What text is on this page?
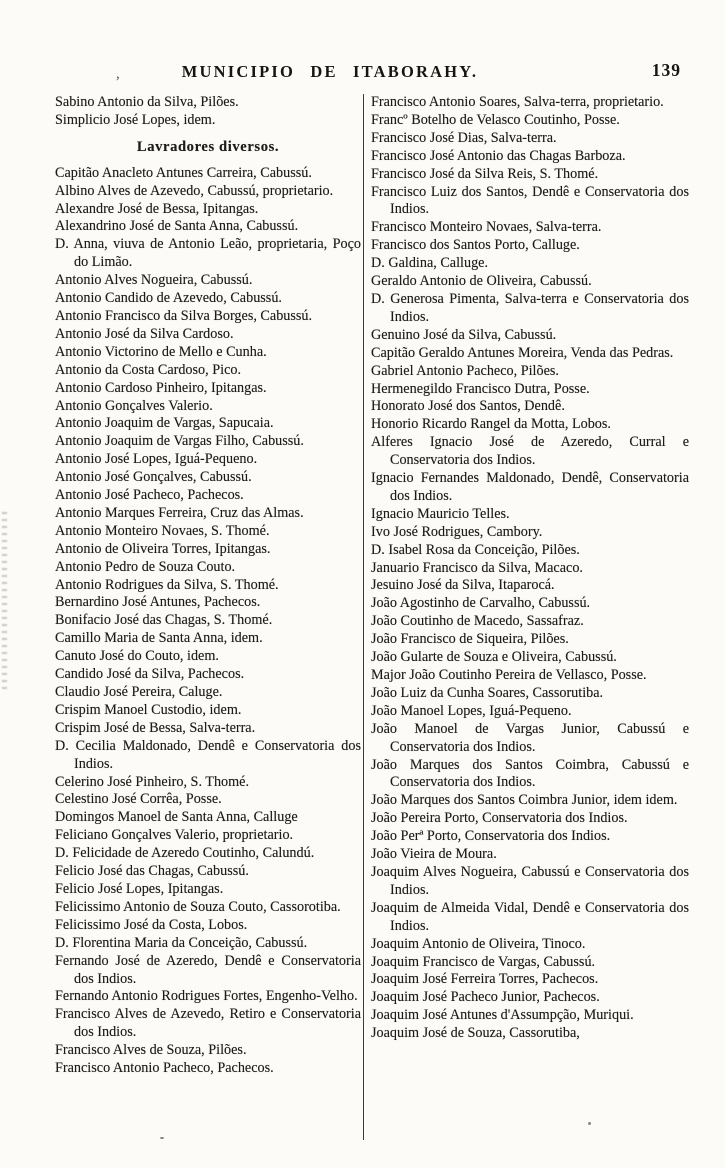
,	MUNICIPIO DE ITABORAHY.	139

Sabino Antonio da Silva, Pilões.

Simplicio José Lopes, idem.

Lavradores diversos.

Capitão Anacleto Antunes Carreira, Cabussú.

Albino Alves de Azevedo, Cabussú, proprietario.

Alexandre José de Bessa, Ipitangas.

Alexandrino José de Santa Anna, Cabussú.

D. Anna, viuva de Antonio Leão, proprietaria, Poço do Limão.

Antonio Alves Nogueira, Cabussú.

Antonio Candido de Azevedo, Cabussú.

Antonio Francisco da Silva Borges, Cabussú.

Antonio José da Silva Cardoso.

Antonio Victorino de Mello e Cunha.

Antonio da Costa Cardoso, Pico.

Antonio Cardoso Pinheiro, Ipitangas.

Antonio Gonçalves Valerio.

Antonio Joaquim de Vargas, Sapucaia.

Antonio Joaquim de Vargas Filho, Cabussú.

Antonio José Lopes, Iguá-Pequeno.

Antonio José Gonçalves, Cabussú.

Antonio José Pacheco, Pachecos.

Antonio Marques Ferreira, Cruz das Almas.

Antonio Monteiro Novaes, S. Thomé.

Antonio de Oliveira Torres, Ipitangas.

Antonio Pedro de Souza Couto.

Antonio Rodrigues da Silva, S. Thomé.

Bernardino José Antunes, Pachecos.

Bonifacio José das Chagas, S. Thomé.

Camillo Maria de Santa Anna, idem.

Canuto José do Couto, idem.

Candido José da Silva, Pachecos.

Claudio José Pereira, Caluge.

Crispim Manoel Custodio, idem.

Crispim José de Bessa, Salva-terra.

D. Cecilia Maldonado, Dendê e Conservatoria dos Indios.

Celerino José Pinheiro, S. Thomé.

Celestino José Corrêa, Posse.

Domingos Manoel de Santa Anna, Calluge

Feliciano Gonçalves Valerio, proprietario.

D. Felicidade de Azeredo Coutinho, Calundú.

Felicio José das Chagas, Cabussú.

Felicio José Lopes, Ipitangas.

Felicissimo Antonio de Souza Couto, Cassorotiba.

Felicissimo José da Costa, Lobos.

D. Florentina Maria da Conceição, Cabussú.

Fernando José de Azeredo, Dendê e Conservatoria dos Indios.

Fernando Antonio Rodrigues Fortes, Engenho-Velho.

Francisco Alves de Azevedo, Retiro e Conservatoria dos Indios.

Francisco Alves de Souza, Pilões.

Francisco Antonio Pacheco, Pachecos.

Francisco Antonio Soares, Salva-terra, proprietario.

Francº Botelho de Velasco Coutinho, Posse.

Francisco José Dias, Salva-terra.

Francisco José Antonio das Chagas Barboza.

Francisco José da Silva Reis, S. Thomé.

Francisco Luiz dos Santos, Dendê e Conservatoria dos Indios.

Francisco Monteiro Novaes, Salva-terra.

Francisco dos Santos Porto, Calluge.

D. Galdina, Calluge.

Geraldo Antonio de Oliveira, Cabussú.

D. Generosa Pimenta, Salva-terra e Conservatoria dos Indios.

Genuino José da Silva, Cabussú.

Capitão Geraldo Antunes Moreira, Venda das Pedras.

Gabriel Antonio Pacheco, Pilões.

Hermenegildo Francisco Dutra, Posse.

Honorato José dos Santos, Dendê.

Honorio Ricardo Rangel da Motta, Lobos.

Alferes Ignacio José de Azeredo, Curral e Conservatoria dos Indios.

Ignacio Fernandes Maldonado, Dendê, Conservatoria dos Indios.

Ignacio Mauricio Telles.

Ivo José Rodrigues, Cambory.

D. Isabel Rosa da Conceição, Pilões.

Januario Francisco da Silva, Macaco.

Jesuino José da Silva, Itaparocá.

João Agostinho de Carvalho, Cabussú.

João Coutinho de Macedo, Sassafraz.

João Francisco de Siqueira, Pilões.

João Gularte de Souza e Oliveira, Cabussú.

Major João Coutinho Pereira de Vellasco, Posse.

João Luiz da Cunha Soares, Cassorutiba.

João Manoel Lopes, Iguá-Pequeno.

João Manoel de Vargas Junior, Cabussú e Conservatoria dos Indios.

João Marques dos Santos Coimbra, Cabussú e Conservatoria dos Indios.

João Marques dos Santos Coimbra Junior, idem idem.

João Pereira Porto, Conservatoria dos Indios.

João Perª Porto, Conservatoria dos Indios.

João Vieira de Moura.

Joaquim Alves Nogueira, Cabussú e Conservatoria dos Indios.

Joaquim de Almeida Vidal, Dendê e Conservatoria dos Indios.

Joaquim Antonio de Oliveira, Tinoco.

Joaquim Francisco de Vargas, Cabussú.

Joaquim José Ferreira Torres, Pachecos.

Joaquim José Pacheco Junior, Pachecos.

Joaquim José Antunes d'Assumpção, Muriqui.

Joaquim José de Souza, Cassorutiba,
